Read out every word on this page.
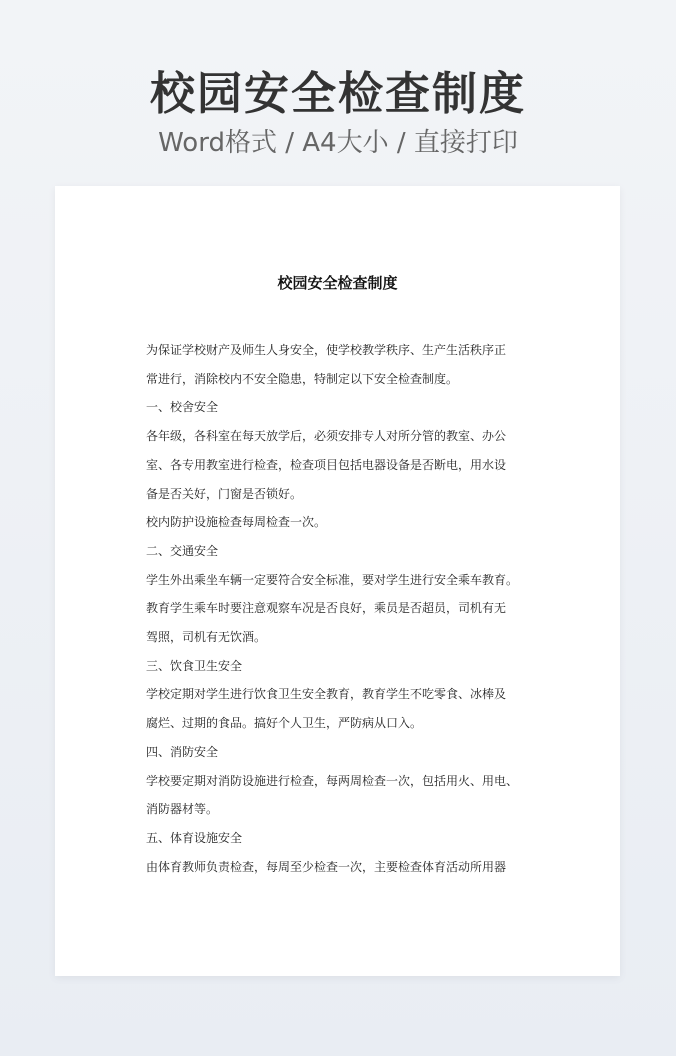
校园安全检查制度
Word格式 / A4大小 / 直接打印
校园安全检查制度

为保证学校财产及师生人身安全，使学校教学秩序、生产生活秩序正

常进行，消除校内不安全隐患，特制定以下安全检查制度。

一、校舍安全

各年级，各科室在每天放学后，必须安排专人对所分管的教室、办公

室、各专用教室进行检查，检查项目包括电器设备是否断电，用水设

备是否关好，门窗是否锁好。

校内防护设施检查每周检查一次。

二、交通安全

学生外出乘坐车辆一定要符合安全标准，要对学生进行安全乘车教育。

教育学生乘车时要注意观察车况是否良好，乘员是否超员，司机有无

驾照，司机有无饮酒。

三、饮食卫生安全

学校定期对学生进行饮食卫生安全教育，教育学生不吃零食、冰棒及

腐烂、过期的食品。搞好个人卫生，严防病从口入。

四、消防安全

学校要定期对消防设施进行检查，每两周检查一次，包括用火、用电、

消防器材等。

五、体育设施安全

由体育教师负责检查，每周至少检查一次，主要检查体育活动所用器
